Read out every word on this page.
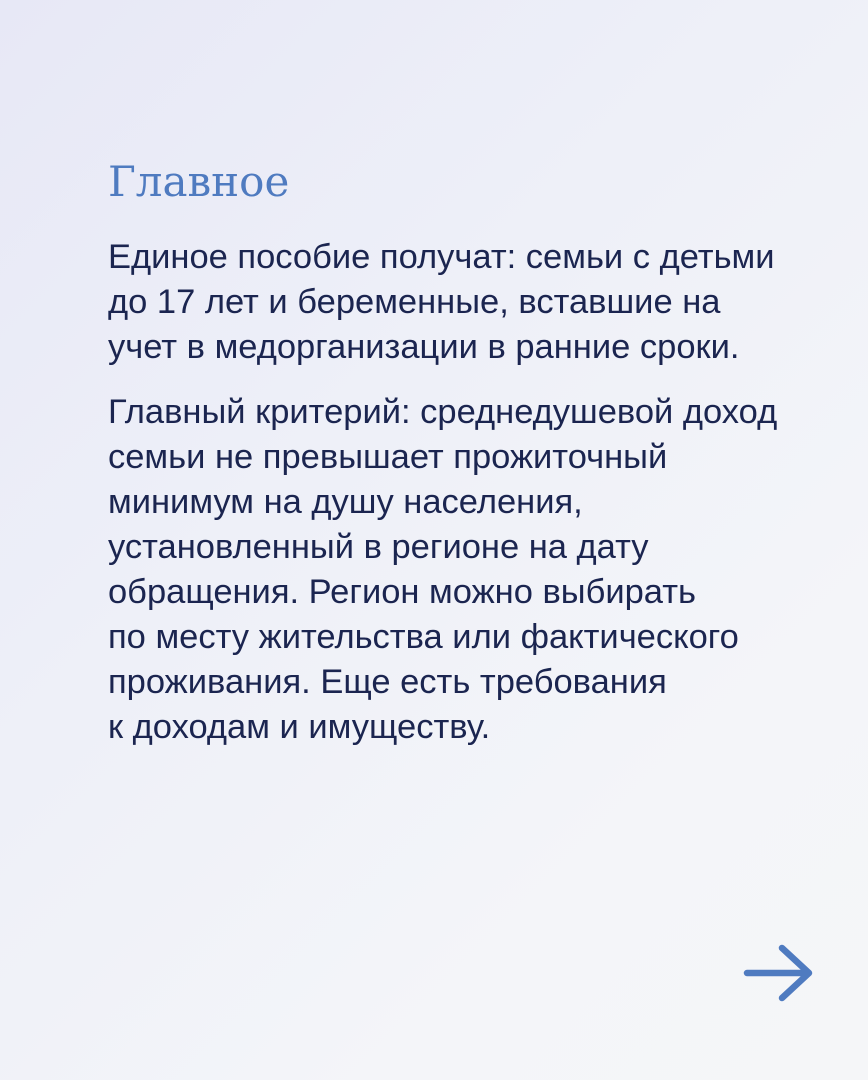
Главное
Единое пособие получат: семьи с детьми
до 17 лет и беременные, вставшие на
учет в медорганизации в ранние сроки.
Главный критерий: среднедушевой доход
семьи не превышает прожиточный
минимум на душу населения,
установленный в регионе на дату
обращения. Регион можно выбирать
по месту жительства или фактического
проживания. Еще есть требования
к доходам и имуществу.
